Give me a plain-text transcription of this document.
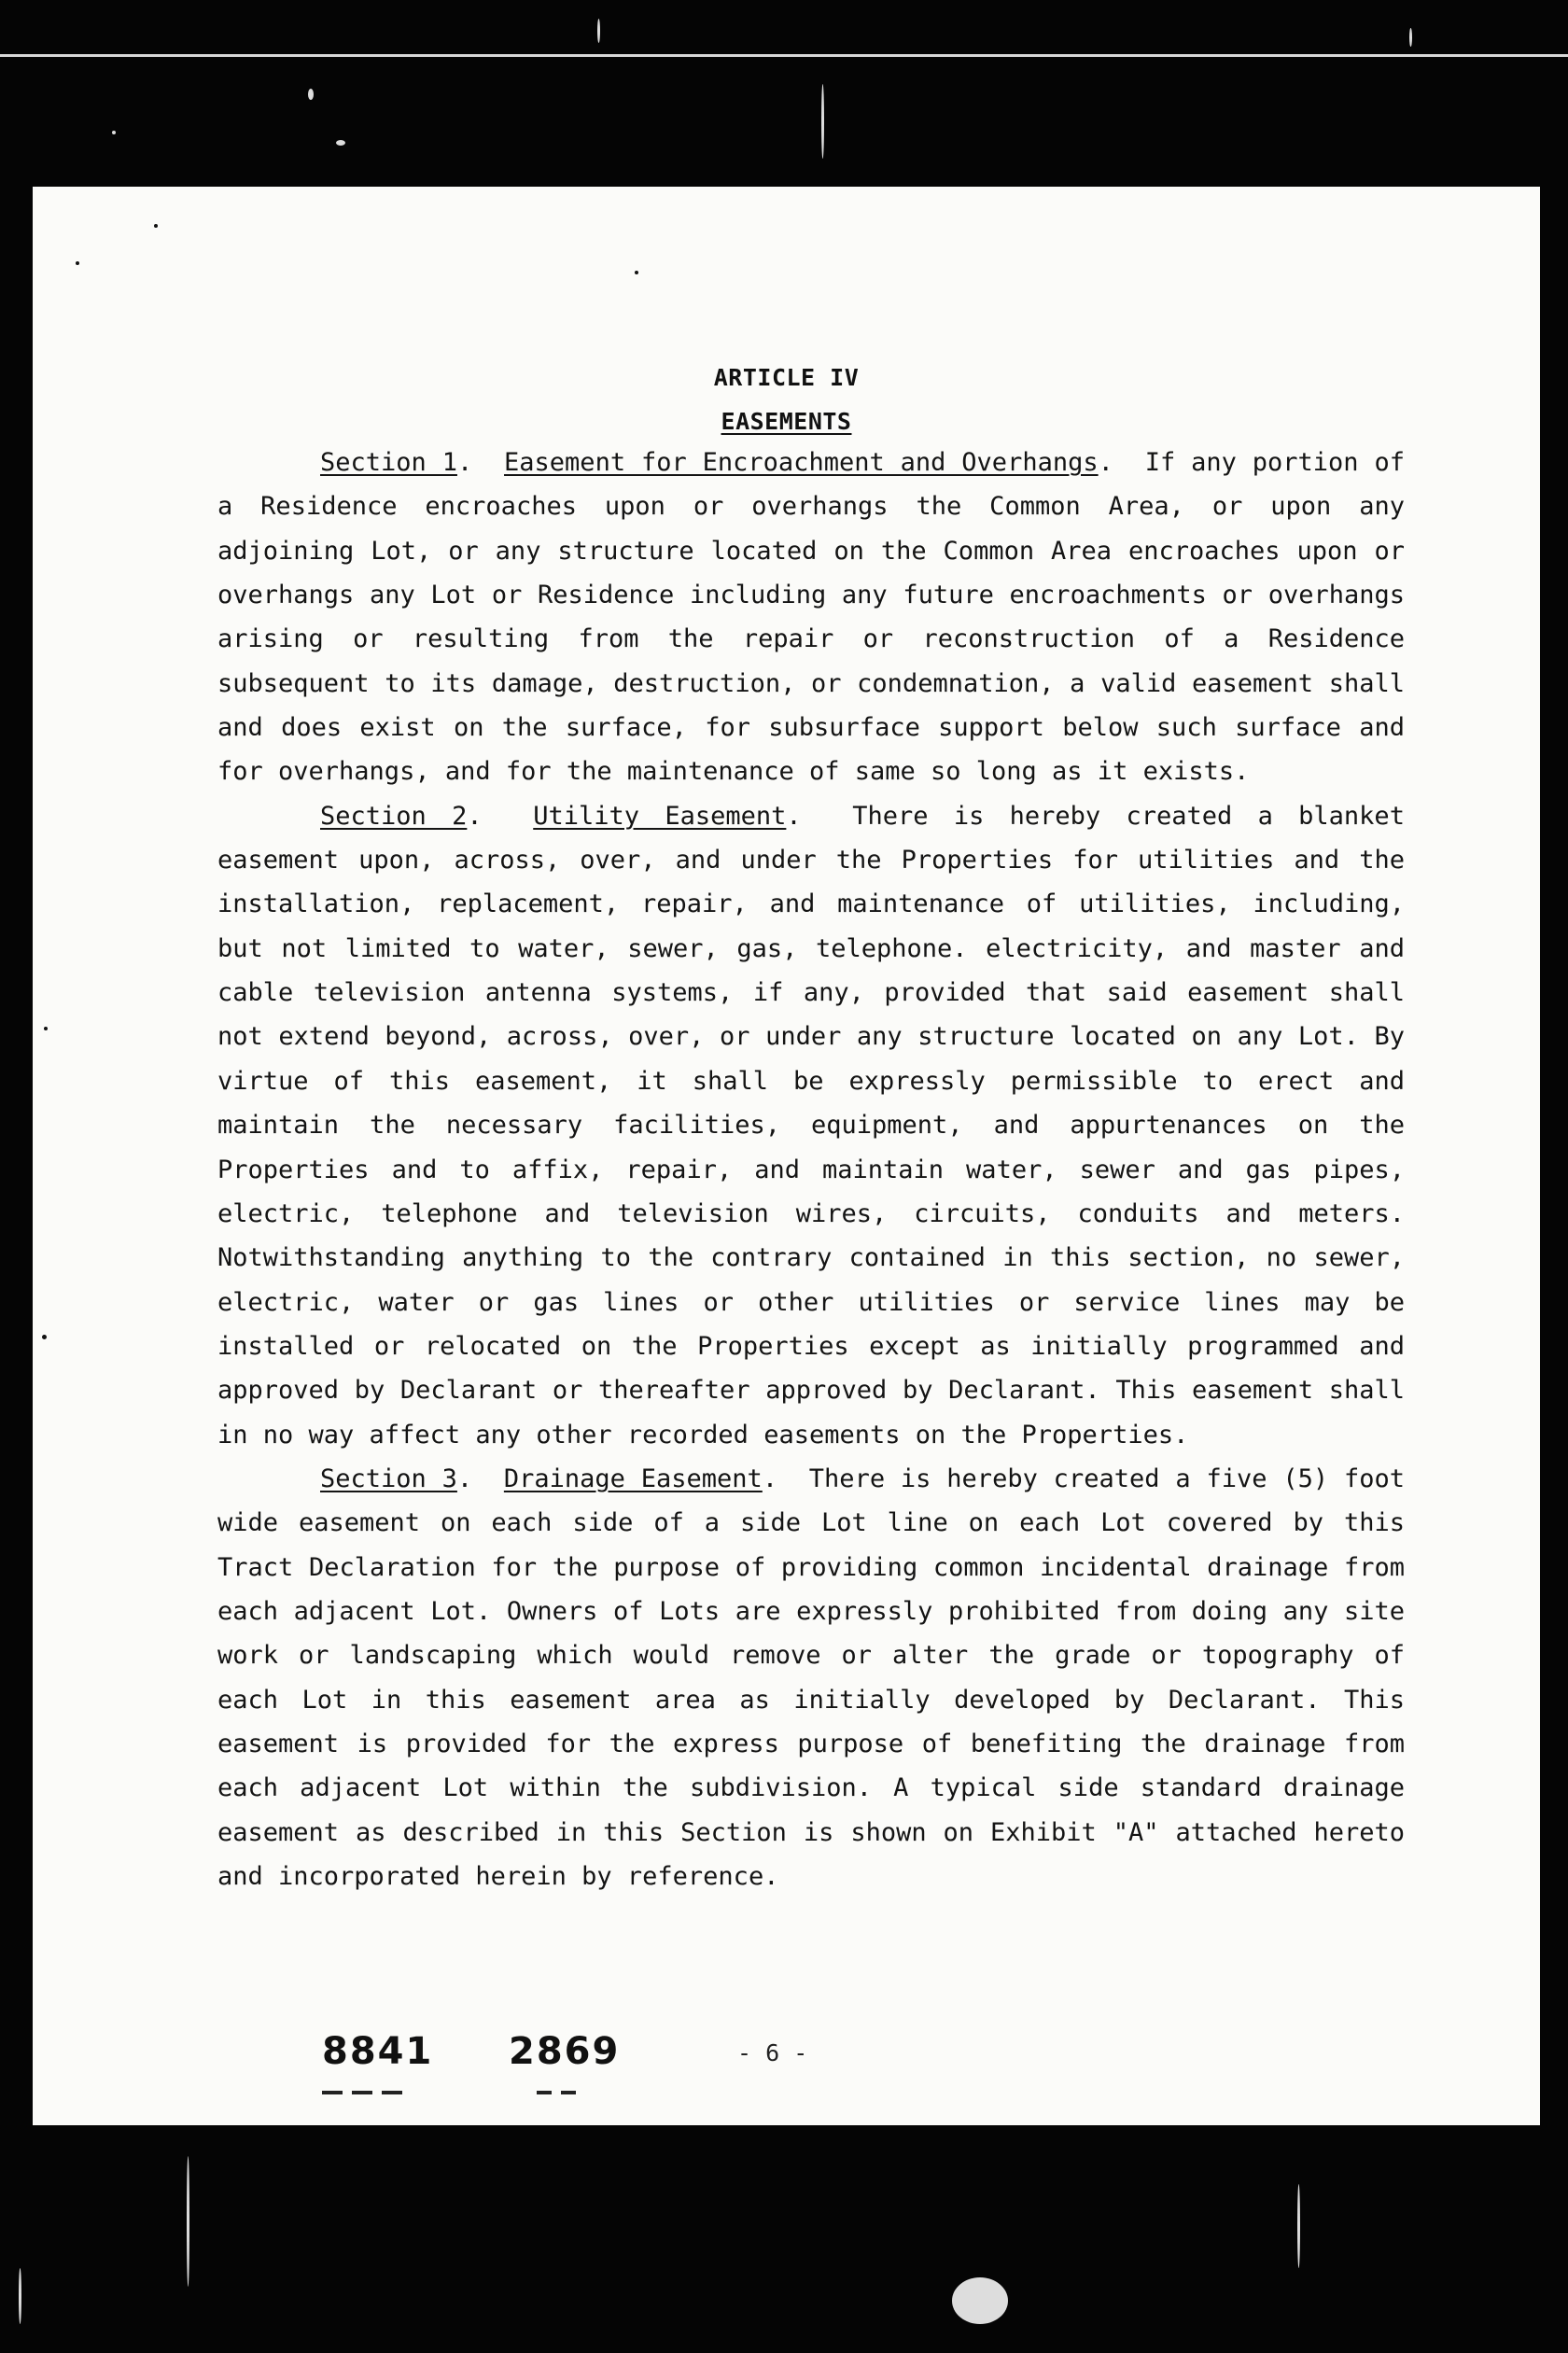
ARTICLE IV
EASEMENTS

Section 1.  Easement for Encroachment and Overhangs.  If any portion of a Residence encroaches upon or overhangs the Common Area, or upon any adjoining Lot, or any structure located on the Common Area encroaches upon or overhangs any Lot or Residence including any future encroachments or overhangs arising or resulting from the repair or reconstruction of a Residence subsequent to its damage, destruction, or condemnation, a valid easement shall and does exist on the surface, for subsurface support below such surface and for overhangs, and for the maintenance of same so long as it exists.

Section 2.  Utility Easement.  There is hereby created a blanket easement upon, across, over, and under the Properties for utilities and the installation, replacement, repair, and maintenance of utilities, including, but not limited to water, sewer, gas, telephone. electricity, and master and cable television antenna systems, if any, provided that said easement shall not extend beyond, across, over, or under any structure located on any Lot. By virtue of this easement, it shall be expressly permissible to erect and maintain the necessary facilities, equipment, and appurtenances on the Properties and to affix, repair, and maintain water, sewer and gas pipes, electric, telephone and television wires, circuits, conduits and meters. Notwithstanding anything to the contrary contained in this section, no sewer, electric, water or gas lines or other utilities or service lines may be installed or relocated on the Properties except as initially programmed and approved by Declarant or thereafter approved by Declarant. This easement shall in no way affect any other recorded easements on the Properties.

Section 3.  Drainage Easement.  There is hereby created a five (5) foot wide easement on each side of a side Lot line on each Lot covered by this Tract Declaration for the purpose of providing common incidental drainage from each adjacent Lot. Owners of Lots are expressly prohibited from doing any site work or landscaping which would remove or alter the grade or topography of each Lot in this easement area as initially developed by Declarant. This easement is provided for the express purpose of benefiting the drainage from each adjacent Lot within the subdivision. A typical side standard drainage easement as described in this Section is shown on Exhibit "A" attached hereto and incorporated herein by reference.

8841 2869	- 6 -
